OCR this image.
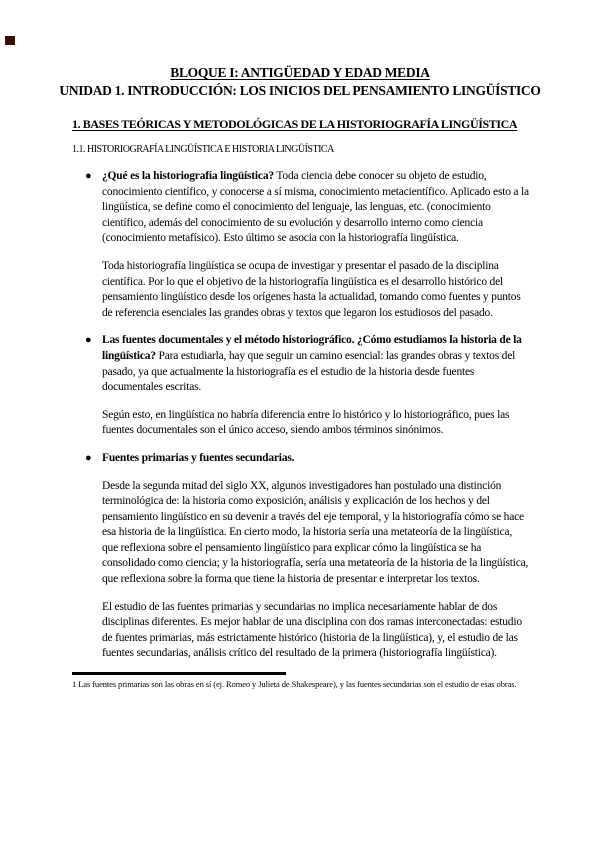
BLOQUE I: ANTIGÜEDAD Y EDAD MEDIA
UNIDAD 1. INTRODUCCIÓN: LOS INICIOS DEL PENSAMIENTO LINGÜÍSTICO
1. BASES TEÓRICAS Y METODOLÓGICAS DE LA HISTORIOGRAFÍA LINGÜÍSTICA
1.1. HISTORIOGRAFÍA LINGÜÍSTICA E HISTORIA LINGÜÍSTICA
● ¿Qué es la historiografía lingüística? Toda ciencia debe conocer su objeto de estudio, conocimiento científico, y conocerse a sí misma, conocimiento metacientífico. Aplicado esto a la lingüística, se define como el conocimiento del lenguaje, las lenguas, etc. (conocimiento científico, además del conocimiento de su evolución y desarrollo interno como ciencia (conocimiento metafísico). Esto último se asocia con la historiografía lingüística.
Toda historiografía lingüística se ocupa de investigar y presentar el pasado de la disciplina científica. Por lo que el objetivo de la historiografía lingüística es el desarrollo histórico del pensamiento lingüístico desde los orígenes hasta la actualidad, tomando como fuentes y puntos de referencia esenciales las grandes obras y textos que legaron los estudiosos del pasado.
● Las fuentes documentales y el método historiográfico. ¿Cómo estudiamos la historia de la lingüística? Para estudiarla, hay que seguir un camino esencial: las grandes obras y textos del pasado, ya que actualmente la historiografía es el estudio de la historia desde fuentes documentales escritas.
Según esto, en lingüística no habría diferencia entre lo histórico y lo historiográfico, pues las fuentes documentales son el único acceso, siendo ambos términos sinónimos.
● Fuentes primarias y fuentes secundarias.
Desde la segunda mitad del siglo XX, algunos investigadores han postulado una distinción terminológica de: la historia como exposición, análisis y explicación de los hechos y del pensamiento lingüístico en su devenir a través del eje temporal, y la historiografía cómo se hace esa historia de la lingüística. En cierto modo, la historia sería una metateoría de la lingüística, que reflexiona sobre el pensamiento lingüístico para explicar cómo la lingüística se ha consolidado como ciencia; y la historiografía, sería una metateoría de la historia de la lingüística, que reflexiona sobre la forma que tiene la historia de presentar e interpretar los textos.
El estudio de las fuentes primarias y secundarias no implica necesariamente hablar de dos disciplinas diferentes. Es mejor hablar de una disciplina con dos ramas interconectadas: estudio de fuentes primarias, más estrictamente histórico (historia de la lingüística), y, el estudio de las fuentes secundarias, análisis crítico del resultado de la primera (historiografía lingüística).
1 Las fuentes primarias son las obras en sí (ej. Romeo y Julieta de Shakespeare), y las fuentes secundarias son el estudio de esas obras.
